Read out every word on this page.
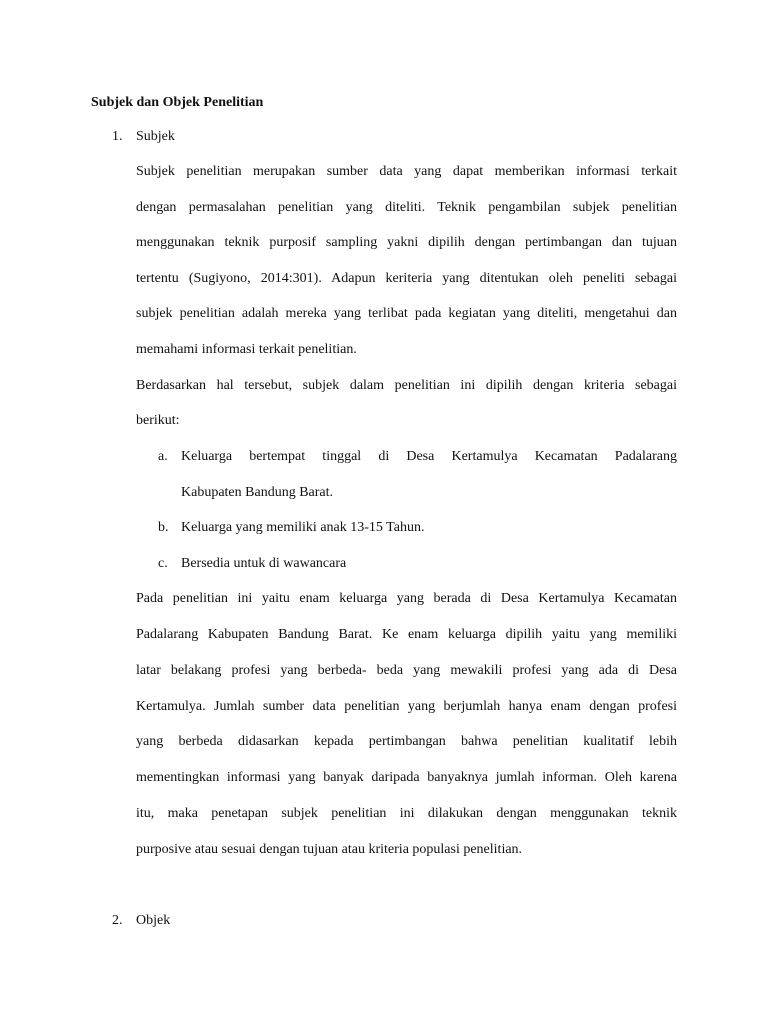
Subjek dan Objek Penelitian
1. Subjek
Subjek penelitian merupakan sumber data yang dapat memberikan informasi terkait
dengan permasalahan penelitian yang diteliti. Teknik pengambilan subjek penelitian
menggunakan teknik purposif sampling yakni dipilih dengan pertimbangan dan tujuan
tertentu (Sugiyono, 2014:301). Adapun keriteria yang ditentukan oleh peneliti sebagai
subjek penelitian adalah mereka yang terlibat pada kegiatan yang diteliti, mengetahui dan
memahami informasi terkait penelitian.
Berdasarkan hal tersebut, subjek dalam penelitian ini dipilih dengan kriteria sebagai
berikut:
a. Keluarga bertempat tinggal di Desa Kertamulya Kecamatan Padalarang
Kabupaten Bandung Barat.
b. Keluarga yang memiliki anak 13-15 Tahun.
c. Bersedia untuk di wawancara
Pada penelitian ini yaitu enam keluarga yang berada di Desa Kertamulya Kecamatan
Padalarang Kabupaten Bandung Barat. Ke enam keluarga dipilih yaitu yang memiliki
latar belakang profesi yang berbeda- beda yang mewakili profesi yang ada di Desa
Kertamulya. Jumlah sumber data penelitian yang berjumlah hanya enam dengan profesi
yang berbeda didasarkan kepada pertimbangan bahwa penelitian kualitatif lebih
mementingkan informasi yang banyak daripada banyaknya jumlah informan. Oleh karena
itu, maka penetapan subjek penelitian ini dilakukan dengan menggunakan teknik
purposive atau sesuai dengan tujuan atau kriteria populasi penelitian.
2. Objek
